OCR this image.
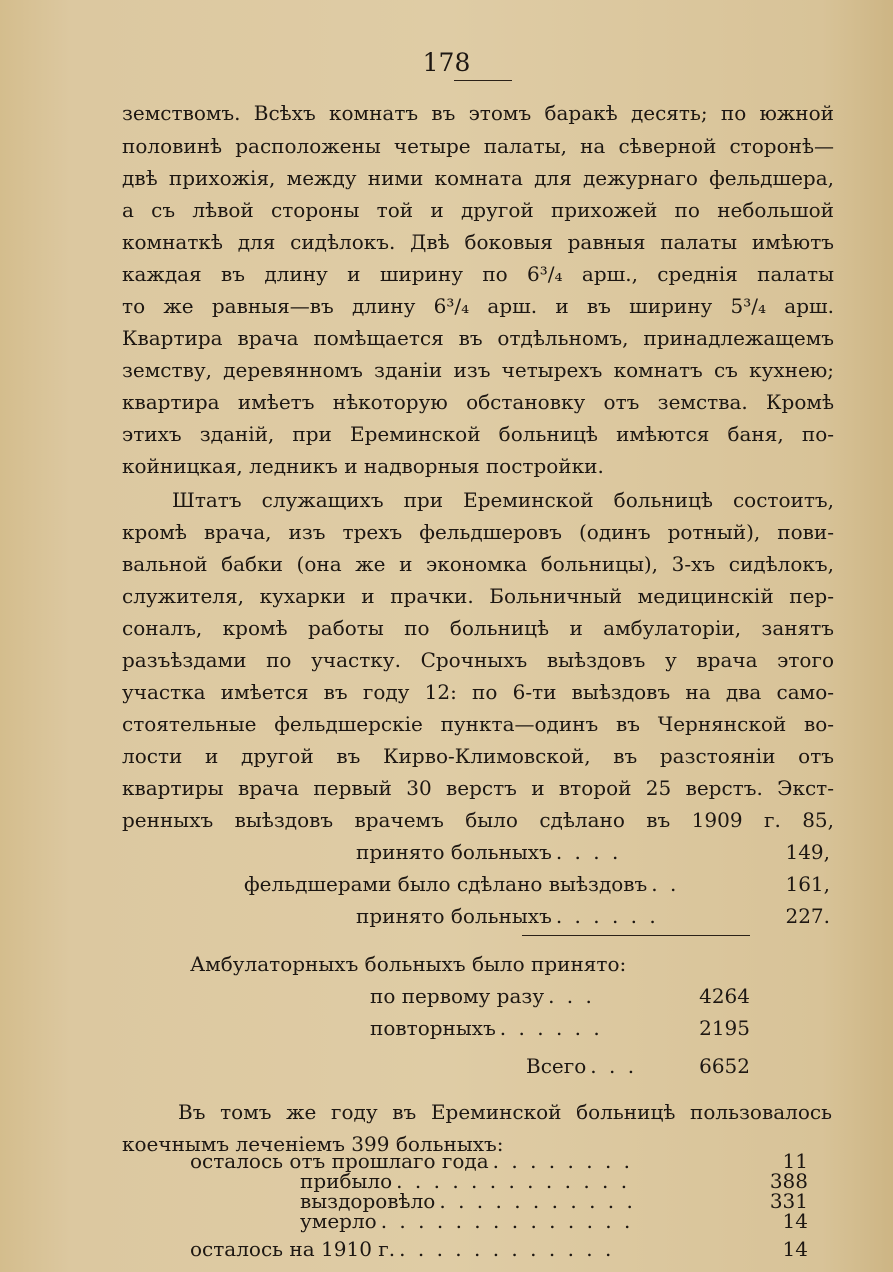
178
земствомъ. Всѣхъ комнатъ въ этомъ баракѣ десять; по южной
половинѣ расположены четыре палаты, на сѣверной сторонѣ—
двѣ прихожія, между ними комната для дежурнаго фельдшера,
а съ лѣвой стороны той и другой прихожей по небольшой
комнаткѣ для сидѣлокъ. Двѣ боковыя равныя палаты имѣютъ
каждая въ длину и ширину по 6³/₄ арш., среднія палаты
то же равныя—въ длину 6³/₄ арш. и въ ширину 5³/₄ арш.
Квартира врача помѣщается въ отдѣльномъ, принадлежащемъ
земству, деревянномъ зданіи изъ четырехъ комнатъ съ кухнею;
квартира имѣетъ нѣкоторую обстановку отъ земства. Кромѣ
этихъ зданій, при Ереминской больницѣ имѣются баня, по-
койницкая, ледникъ и надворныя постройки.
Штатъ служащихъ при Ереминской больницѣ состоитъ,
кромѣ врача, изъ трехъ фельдшеровъ (одинъ ротный), пови-
вальной бабки (она же и экономка больницы), 3-хъ сидѣлокъ,
служителя, кухарки и прачки. Больничный медицинскій пер-
соналъ, кромѣ работы по больницѣ и амбулаторіи, занятъ
разъѣздами по участку. Срочныхъ выѣздовъ у врача этого
участка имѣется въ году 12: по 6-ти выѣздовъ на два само-
стоятельные фельдшерскіе пункта—одинъ въ Чернянской во-
лости и другой въ Кирво-Климовской, въ разстояніи отъ
квартиры врача первый 30 верстъ и второй 25 верстъ. Экст-
ренныхъ выѣздовъ врачемъ было сдѣлано въ 1909 г. 85,
принято больныхъ . . . .	149,
фельдшерами было сдѣлано выѣздовъ . .	161,
принято больныхъ . . . . . .	227.
Амбулаторныхъ больныхъ было принято:
по первому разу . . .	4264
повторныхъ . . . . . .	2195
Всего . . .	6652
Въ томъ же году въ Ереминской больницѣ пользовалось
коечнымъ леченіемъ 399 больныхъ:
осталось отъ прошлаго года . . . . . . . .	11
прибыло . . . . . . . . . . . . .	388
выздоровѣло . . . . . . . . . . .	331
умерло . . . . . . . . . . . . . .	14
осталось на 1910 г. . . . . . . . . . . . .	14
